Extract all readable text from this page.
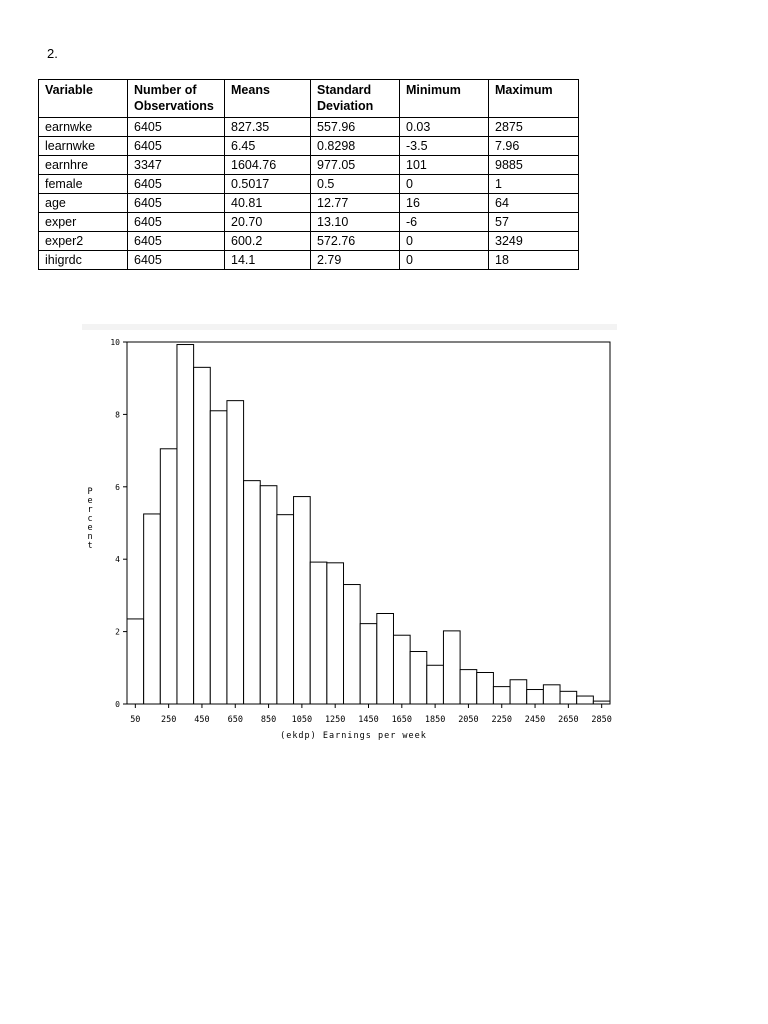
2.
Variable	Number of Observations	Means	Standard Deviation	Minimum	Maximum
earnwke	6405	827.35	557.96	0.03	2875
learnwke	6405	6.45	0.8298	-3.5	7.96
earnhre	3347	1604.76	977.05	101	9885
female	6405	0.5017	0.5	0	1
age	6405	40.81	12.77	16	64
exper	6405	20.70	13.10	-6	57
exper2	6405	600.2	572.76	0	3249
ihigrdc	6405	14.1	2.79	0	18
0
2
4
6
8
10
50 250 450 650 850 1050 1250 1450 1650 1850 2050 2250 2450 2650 2850
(ekdp) Earnings per week
P e r c e n t
